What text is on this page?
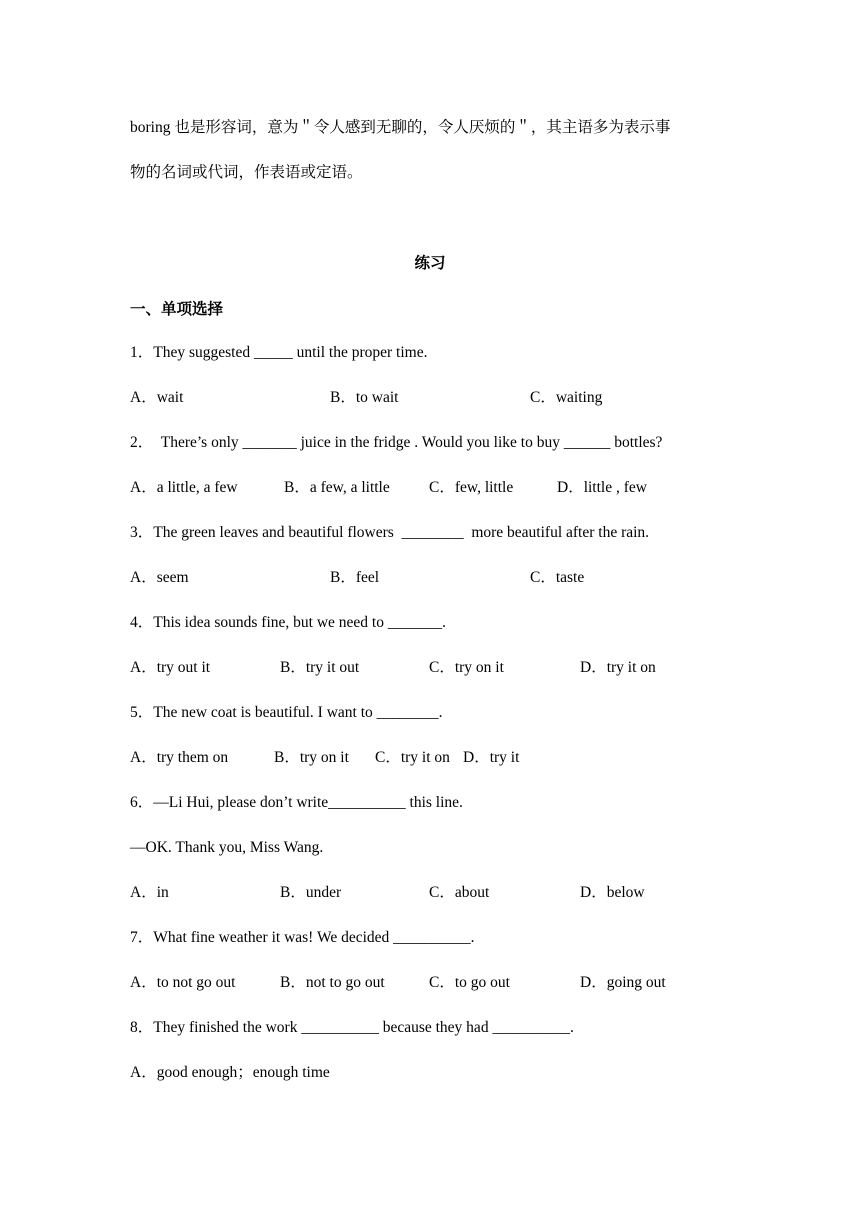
boring 也是形容词，意为＂令人感到无聊的，令人厌烦的＂，其主语多为表示事
物的名词或代词，作表语或定语。
练习
一、单项选择
1．They suggested _____ until the proper time.
A．wait	B．to wait	C．waiting
2．  There’s only _______ juice in the fridge . Would you like to buy ______ bottles?
A．a little, a few	B．a few, a little	C．few, little	D．little , few
3．The green leaves and beautiful flowers  ________  more beautiful after the rain.
A．seem	B．feel	C．taste
4．This idea sounds fine, but we need to _______.
A．try out it	B．try it out	C．try on it	D．try it on
5．The new coat is beautiful. I want to ________.
A．try them on	B．try on it C．try it on D．try it
6．—Li Hui, please don’t write__________ this line.
—OK. Thank you, Miss Wang.
A．in	B．under	C．about	D．below
7．What fine weather it was! We decided __________.
A．to not go out	B．not to go out	C．to go out	D．going out
8．They finished the work __________ because they had __________.
A．good enough；enough time
